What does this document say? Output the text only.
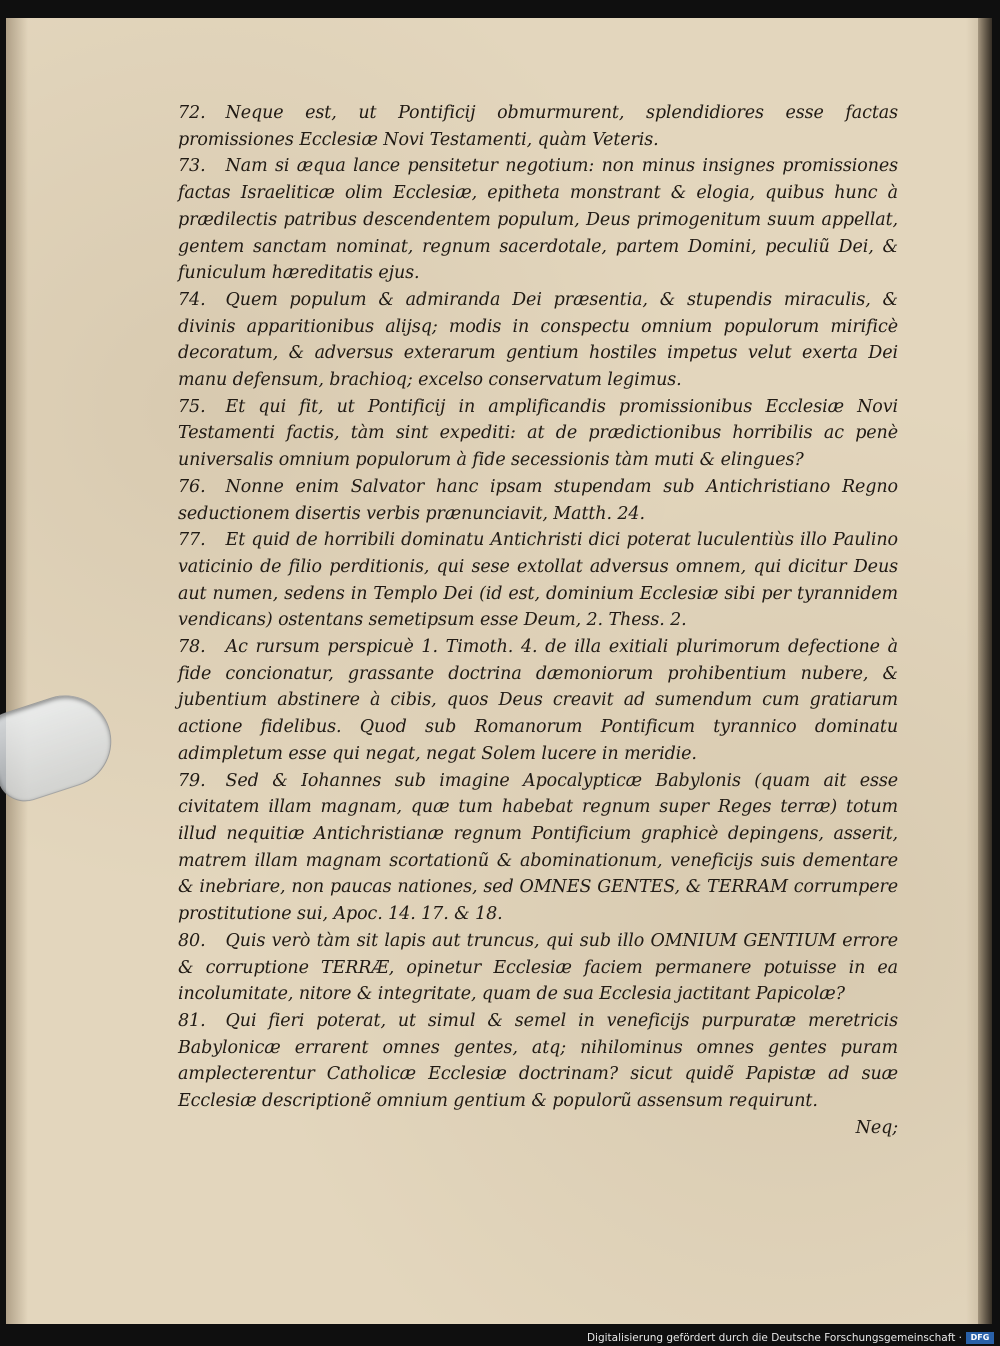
72. Neque est, ut Pontificij obmurmurent, splendidiores esse factas promissiones Ecclesiæ Novi Testamenti, quàm Veteris.

73. Nam si æqua lance pensitetur negotium: non minus insignes promissiones factas Israeliticæ olim Ecclesiæ, epitheta monstrant & elogia, quibus hunc à prædilectis patribus descendentem populum, Deus primogenitum suum appellat, gentem sanctam nominat, regnum sacerdotale, partem Domini, peculiũ Dei, & funiculum hæreditatis ejus.

74. Quem populum & admiranda Dei præsentia, & stupendis miraculis, & divinis apparitionibus alijsq; modis in conspectu omnium populorum mirificè decoratum, & adversus exterarum gentium hostiles impetus velut exerta Dei manu defensum, brachioq; excelso conservatum legimus.

75. Et qui fit, ut Pontificij in amplificandis promissionibus Ecclesiæ Novi Testamenti factis, tàm sint expediti: at de prædictionibus horribilis ac penè universalis omnium populorum à fide secessionis tàm muti & elingues?

76. Nonne enim Salvator hanc ipsam stupendam sub Antichristiano Regno seductionem disertis verbis prænunciavit, Matth. 24.

77. Et quid de horribili dominatu Antichristi dici poterat luculentiùs illo Paulino vaticinio de filio perditionis, qui sese extollat adversus omnem, qui dicitur Deus aut numen, sedens in Templo Dei (id est, dominium Ecclesiæ sibi per tyrannidem vendicans) ostentans semetipsum esse Deum, 2. Thess. 2.

78. Ac rursum perspicuè 1. Timoth. 4. de illa exitiali plurimorum defectione à fide concionatur, grassante doctrina dæmoniorum prohibentium nubere, & jubentium abstinere à cibis, quos Deus creavit ad sumendum cum gratiarum actione fidelibus. Quod sub Romanorum Pontificum tyrannico dominatu adimpletum esse qui negat, negat Solem lucere in meridie.

79. Sed & Iohannes sub imagine Apocalypticæ Babylonis (quam ait esse civitatem illam magnam, quæ tum habebat regnum super Reges terræ) totum illud nequitiæ Antichristianæ regnum Pontificium graphicè depingens, asserit, matrem illam magnam scortationũ & abominationum, veneficijs suis dementare & inebriare, non paucas nationes, sed OMNES GENTES, & TERRAM corrumpere prostitutione sui, Apoc. 14. 17. & 18.

80. Quis verò tàm sit lapis aut truncus, qui sub illo OMNIUM GENTIUM errore & corruptione TERRÆ, opinetur Ecclesiæ faciem permanere potuisse in ea incolumitate, nitore & integritate, quam de sua Ecclesia jactitant Papicolæ?

81. Qui fieri poterat, ut simul & semel in veneficijs purpuratæ meretricis Babylonicæ errarent omnes gentes, atq; nihilominus omnes gentes puram amplecterentur Catholicæ Ecclesiæ doctrinam? sicut quidẽ Papistæ ad suæ Ecclesiæ descriptionẽ omnium gentium & populorũ assensum requirunt.

Neq;

Digitalisierung gefördert durch die Deutsche Forschungsgemeinschaft ·	DFG
